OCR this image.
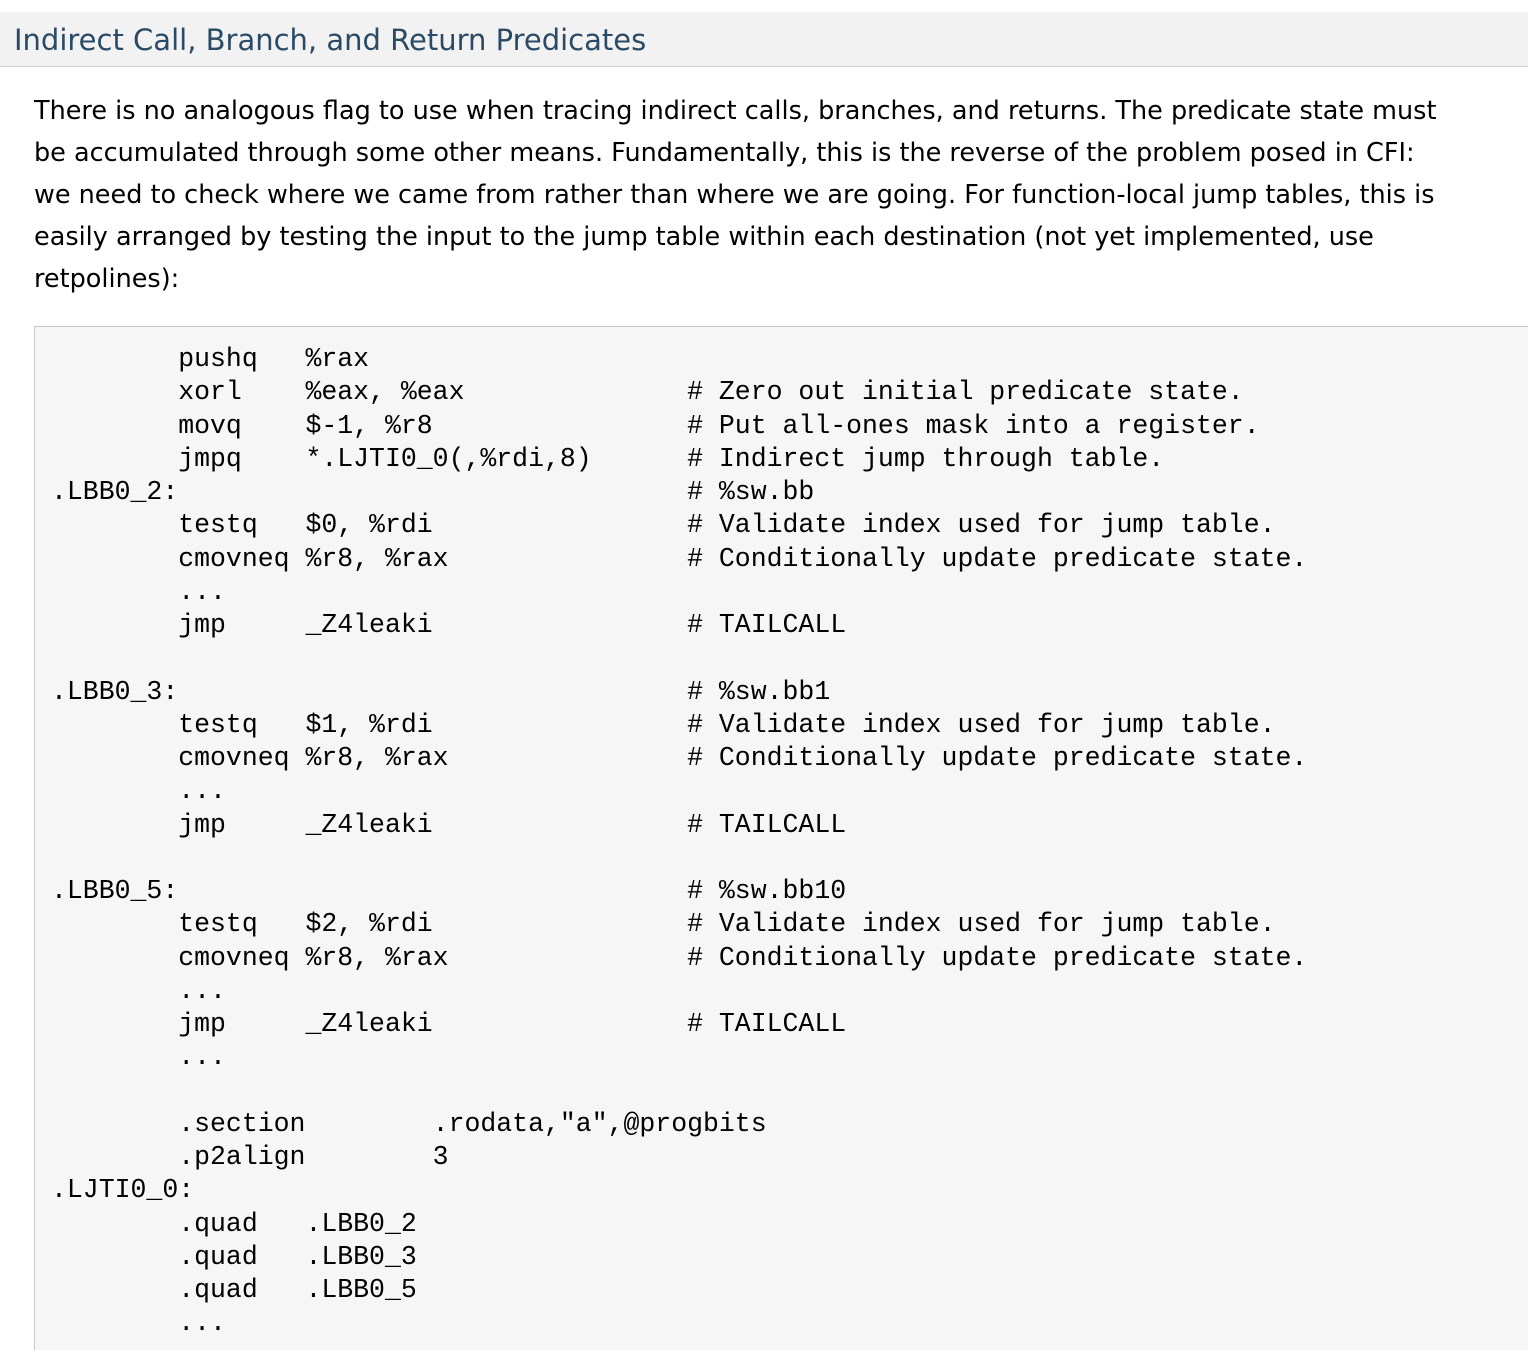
Indirect Call, Branch, and Return Predicates

There is no analogous flag to use when tracing indirect calls, branches, and returns. The predicate state must
be accumulated through some other means. Fundamentally, this is the reverse of the problem posed in CFI:
we need to check where we came from rather than where we are going. For function-local jump tables, this is
easily arranged by testing the input to the jump table within each destination (not yet implemented, use
retpolines):

pushq   %rax
xorl    %eax, %eax              # Zero out initial predicate state.
movq    $-1, %r8                # Put all-ones mask into a register.
jmpq    *.LJTI0_0(,%rdi,8)      # Indirect jump through table.
.LBB0_2:                                # %sw.bb
testq   $0, %rdi                # Validate index used for jump table.
cmovneq %r8, %rax               # Conditionally update predicate state.
...
jmp     _Z4leaki                # TAILCALL
.LBB0_3:                                # %sw.bb1
testq   $1, %rdi                # Validate index used for jump table.
cmovneq %r8, %rax               # Conditionally update predicate state.
...
jmp     _Z4leaki                # TAILCALL
.LBB0_5:                                # %sw.bb10
testq   $2, %rdi                # Validate index used for jump table.
cmovneq %r8, %rax               # Conditionally update predicate state.
...
jmp     _Z4leaki                # TAILCALL
...
.section        .rodata,"a",@progbits
.p2align        3
.LJTI0_0:
.quad   .LBB0_2
.quad   .LBB0_3
.quad   .LBB0_5
...
